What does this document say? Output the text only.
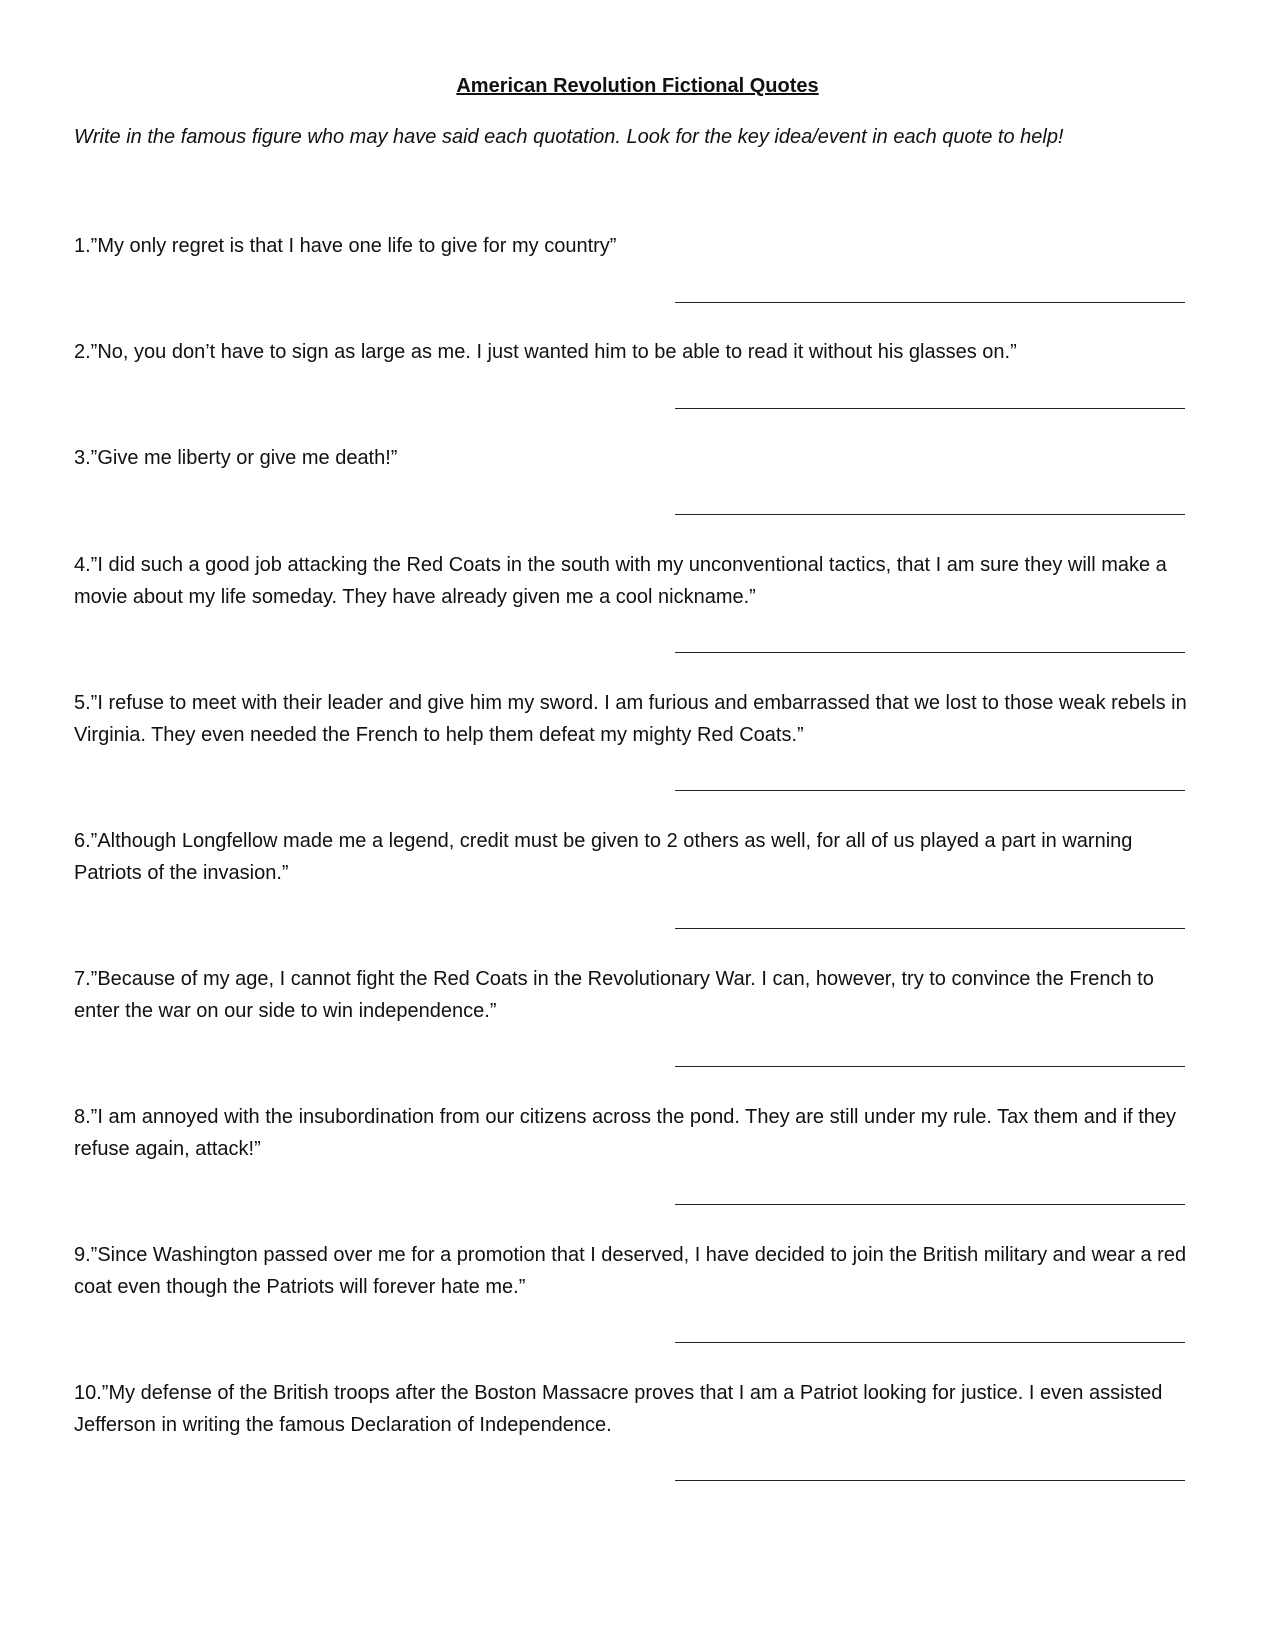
American Revolution Fictional Quotes
Write in the famous figure who may have said each quotation. Look for the key idea/event in each quote to help!
1.”My only regret is that I have one life to give for my country”
2.”No, you don’t have to sign as large as me. I just wanted him to be able to read it without his glasses on.”
3.”Give me liberty or give me death!”
4.”I did such a good job attacking the Red Coats in the south with my unconventional tactics, that I am sure they will make a movie about my life someday. They have already given me a cool nickname.”
5.”I refuse to meet with their leader and give him my sword. I am furious and embarrassed that we lost to those weak rebels in Virginia. They even needed the French to help them defeat my mighty Red Coats.”
6.”Although Longfellow made me a legend, credit must be given to 2 others as well, for all of us played a part in warning Patriots of the invasion.”
7.”Because of my age, I cannot fight the Red Coats in the Revolutionary War. I can, however, try to convince the French to enter the war on our side to win independence.”
8.”I am annoyed with the insubordination from our citizens across the pond. They are still under my rule. Tax them and if they refuse again, attack!”
9.”Since Washington passed over me for a promotion that I deserved, I have decided to join the British military and wear a red coat even though the Patriots will forever hate me.”
10.”My defense of the British troops after the Boston Massacre proves that I am a Patriot looking for justice. I even assisted Jefferson in writing the famous Declaration of Independence.
